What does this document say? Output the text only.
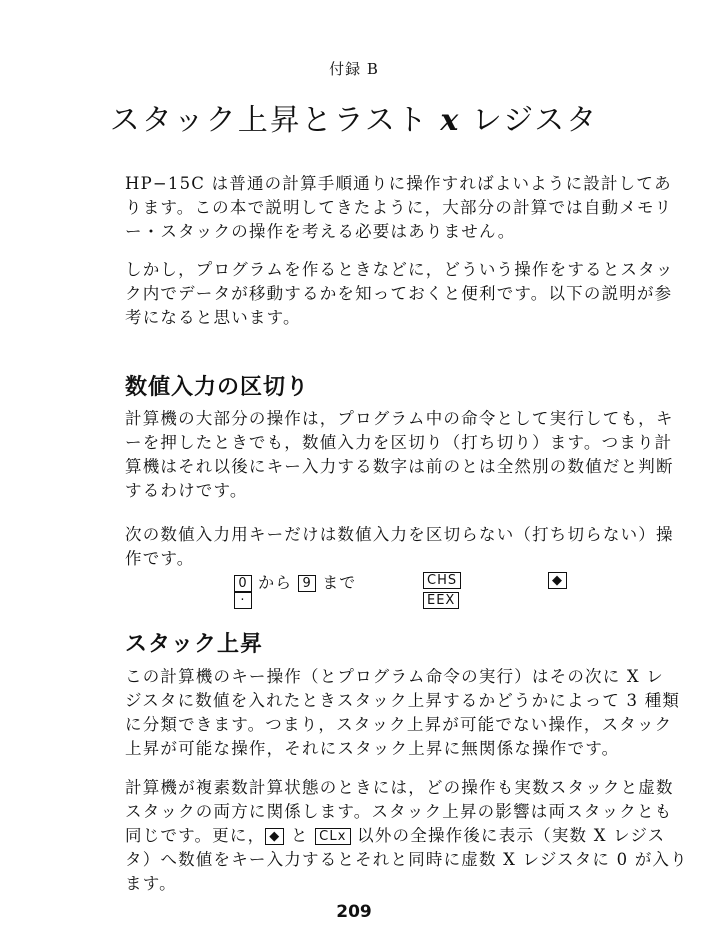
付録 B
スタック上昇とラスト x レジスタ

HP−15C は普通の計算手順通りに操作すればよいように設計してあ
ります。この本で説明してきたように，大部分の計算では自動メモリ
ー・スタックの操作を考える必要はありません。

しかし，プログラムを作るときなどに，どういう操作をするとスタッ
ク内でデータが移動するかを知っておくと便利です。以下の説明が参
考になると思います。

数値入力の区切り

計算機の大部分の操作は，プログラム中の命令として実行しても，キ
ーを押したときでも，数値入力を区切り（打ち切り）ます。つまり計
算機はそれ以後にキー入力する数字は前のとは全然別の数値だと判断
するわけです。

次の数値入力用キーだけは数値入力を区切らない（打ち切らない）操
作です。

0 から 9 まで	CHS	◆
·	EEX
スタック上昇

この計算機のキー操作（とプログラム命令の実行）はその次に X レ
ジスタに数値を入れたときスタック上昇するかどうかによって 3 種類
に分類できます。つまり，スタック上昇が可能でない操作，スタック
上昇が可能な操作，それにスタック上昇に無関係な操作です。

計算機が複素数計算状態のときには，どの操作も実数スタックと虚数
スタックの両方に関係します。スタック上昇の影響は両スタックとも
同じです。更に， ◆ と CLx 以外の全操作後に表示（実数 X レジス
タ）へ数値をキー入力するとそれと同時に虚数 X レジスタに 0 が入り
ます。

209
